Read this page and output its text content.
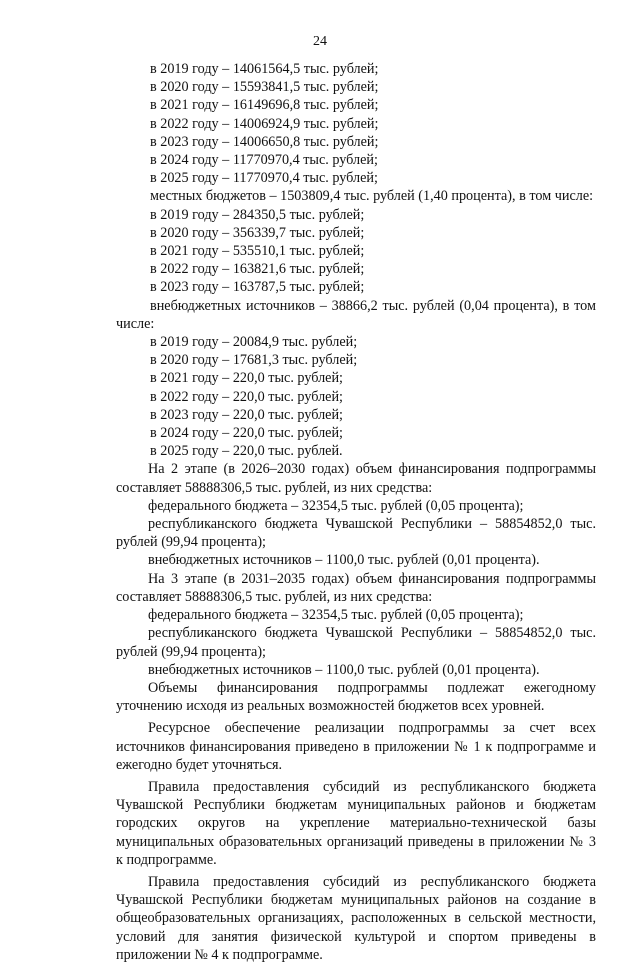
24
в 2019 году – 14061564,5 тыс. рублей;
в 2020 году – 15593841,5 тыс. рублей;
в 2021 году – 16149696,8 тыс. рублей;
в 2022 году – 14006924,9 тыс. рублей;
в 2023 году – 14006650,8 тыс. рублей;
в 2024 году – 11770970,4 тыс. рублей;
в 2025 году – 11770970,4 тыс. рублей;
местных бюджетов – 1503809,4 тыс. рублей (1,40 процента), в том числе:
в 2019 году – 284350,5 тыс. рублей;
в 2020 году – 356339,7 тыс. рублей;
в 2021 году – 535510,1 тыс. рублей;
в 2022 году – 163821,6 тыс. рублей;
в 2023 году – 163787,5 тыс. рублей;
внебюджетных источников – 38866,2 тыс. рублей (0,04 процента), в том числе:
в 2019 году – 20084,9 тыс. рублей;
в 2020 году – 17681,3 тыс. рублей;
в 2021 году – 220,0 тыс. рублей;
в 2022 году – 220,0 тыс. рублей;
в 2023 году – 220,0 тыс. рублей;
в 2024 году – 220,0 тыс. рублей;
в 2025 году – 220,0 тыс. рублей.
На 2 этапе (в 2026–2030 годах) объем финансирования подпрограммы составляет 58888306,5 тыс. рублей, из них средства:
федерального бюджета – 32354,5 тыс. рублей (0,05 процента);
республиканского бюджета Чувашской Республики – 58854852,0 тыс. рублей (99,94 процента);
внебюджетных источников – 1100,0 тыс. рублей (0,01 процента).
На 3 этапе (в 2031–2035 годах) объем финансирования подпрограммы составляет 58888306,5 тыс. рублей, из них средства:
федерального бюджета – 32354,5 тыс. рублей (0,05 процента);
республиканского бюджета Чувашской Республики – 58854852,0 тыс. рублей (99,94 процента);
внебюджетных источников – 1100,0 тыс. рублей (0,01 процента).
Объемы финансирования подпрограммы подлежат ежегодному уточнению исходя из реальных возможностей бюджетов всех уровней.
Ресурсное обеспечение реализации подпрограммы за счет всех источников финансирования приведено в приложении № 1 к подпрограмме и ежегодно будет уточняться.
Правила предоставления субсидий из республиканского бюджета Чувашской Республики бюджетам муниципальных районов и бюджетам городских округов на укрепление материально-технической базы муниципальных образовательных организаций приведены в приложении № 3 к подпрограмме.
Правила предоставления субсидий из республиканского бюджета Чувашской Республики бюджетам муниципальных районов на создание в общеобразовательных организациях, расположенных в сельской местности, условий для занятия физической культурой и спортом приведены в приложении № 4 к подпрограмме.
